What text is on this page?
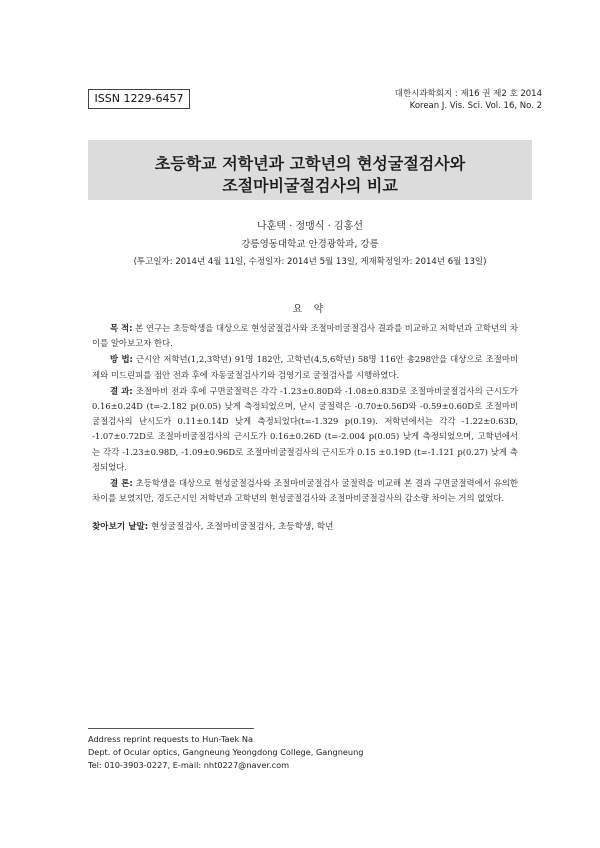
ISSN 1229-6457	대한시과학회지 : 제16 권 제2 호 2014
Korean J. Vis. Sci. Vol. 16, No. 2
초등학교 저학년과 고학년의 현성굴절검사와
조절마비굴절검사의 비교
나훈택 · 정맹식 · 김홍선
강릉영동대학교 안경광학과, 강릉
(투고일자: 2014년 4월 11일, 수정일자: 2014년 5월 13일, 게재확정일자: 2014년 6월 13일)
요 약

목 적: 본 연구는 초등학생을 대상으로 현성굴절검사와 조절마비굴절검사 결과를 비교하고 저학년과 고학년의 차이를 알아보고자 한다.

방 법: 근시안 저학년(1,2,3학년) 91명 182안, 고학년(4,5,6학년) 58명 116안 총298안을 대상으로 조절마비제와 미드린피를 점안 전과 후에 자동굴절검사기와 검영기로 굴절검사를 시행하였다.

결 과: 조절마비 전과 후에 구면굴절력은 각각 -1.23±0.80D와 -1.08±0.83D로 조절마비굴절검사의 근시도가 0.16±0.24D (t=-2.182 p(0.05) 낮게 측정되었으며, 난시 굴절력은 -0.70±0.56D와 -0.59±0.60D로 조절마비굴절검사의 난시도가 0.11±0.14D 낮게 측정되었다(t=-1.329 p(0.19). 저학년에서는 각각 -1.22±0.63D, -1.07±0.72D로 조절마비굴절검사의 근시도가 0.16±0.26D (t=-2.004 p(0.05) 낮게 측정되었으며, 고학년에서는 각각 -1.23±0.98D, -1.09±0.96D로 조절마비굴절검사의 근시도가 0.15 ±0.19D (t=-1.121 p(0.27) 낮게 측정되었다.

결 론: 초등학생을 대상으로 현성굴절검사와 조절마비굴절검사 굴절력을 비교해 본 결과 구면굴절력에서 유의한 차이를 보였지만, 경도근시인 저학년과 고학년의 현성굴절검사와 조절마비굴절검사의 감소량 차이는 거의 없었다.

찾아보기 낱말: 현성굴절검사, 조절마비굴절검사, 초등학생, 학년
Address reprint requests to Hun-Taek Na
Dept. of Ocular optics, Gangneung Yeongdong College, Gangneung
Tel: 010-3903-0227, E-mail: nht0227@naver.com
